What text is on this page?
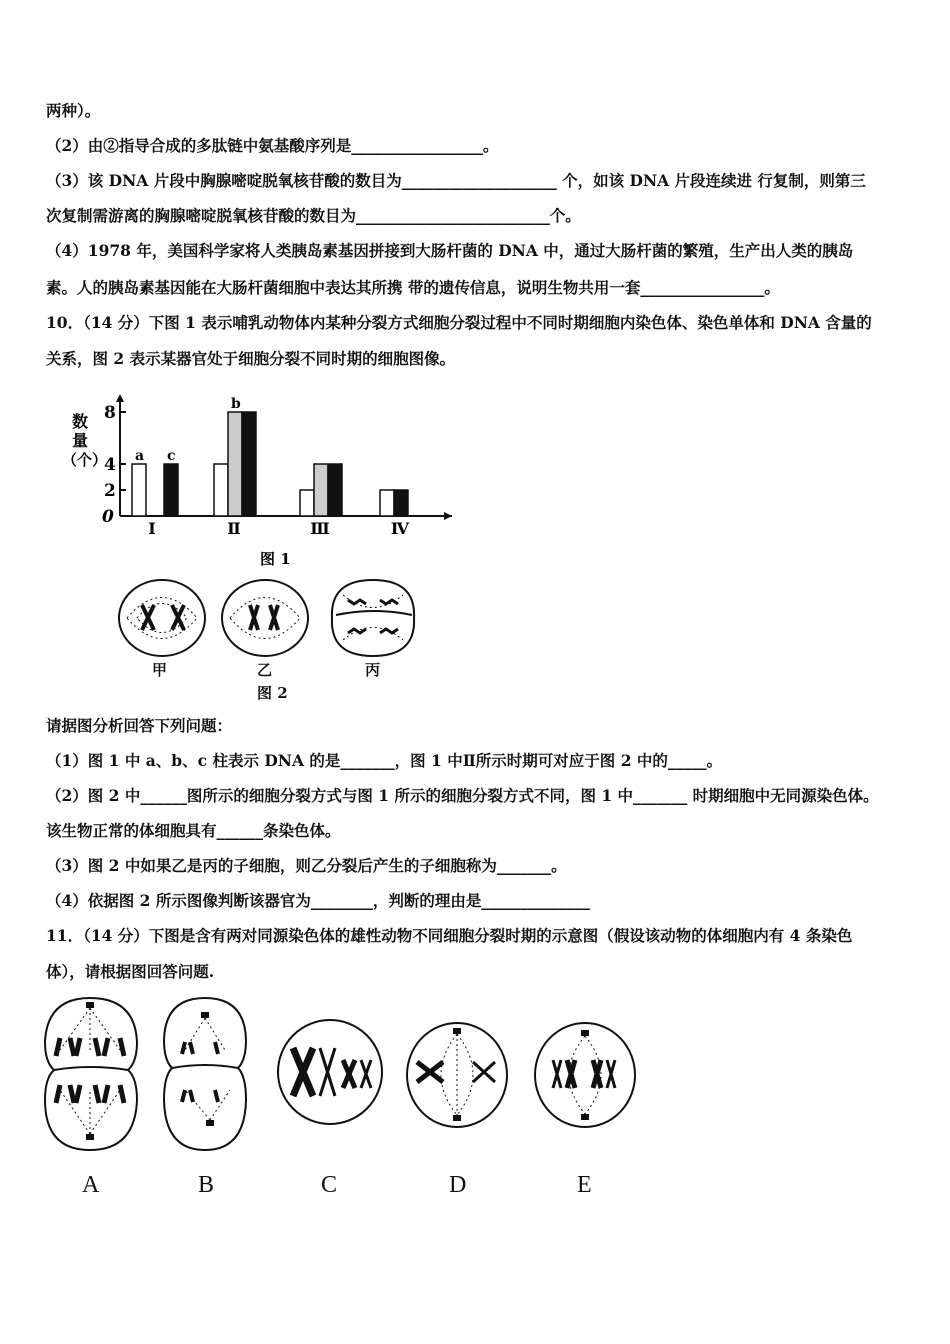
两种）。
（2）由②指导合成的多肽链中氨基酸序列是_________________。
（3）该 DNA 片段中胸腺嘧啶脱氧核苷酸的数目为____________________ 个，如该 DNA 片段连续进 行复制，则第三
次复制需游离的胸腺嘧啶脱氧核苷酸的数目为_________________________个。
（4）1978 年，美国科学家将人类胰岛素基因拼接到大肠杆菌的 DNA 中，通过大肠杆菌的繁殖，生产出人类的胰岛
素。人的胰岛素基因能在大肠杆菌细胞中表达其所携 带的遗传信息，说明生物共用一套________________。
10．（14 分）下图 1 表示哺乳动物体内某种分裂方式细胞分裂过程中不同时期细胞内染色体、染色单体和 DNA 含量的
关系，图 2 表示某器官处于细胞分裂不同时期的细胞图像。
数
量
（个）
0
2
4
8
a c
Ⅰ
b
Ⅱ	Ⅲ	Ⅳ
图 1
甲	乙	丙
图 2
请据图分析回答下列问题：
（1）图 1 中 a、b、c 柱表示 DNA 的是_______，图 1 中Ⅱ所示时期可对应于图 2 中的_____。
（2）图 2 中______图所示的细胞分裂方式与图 1 所示的细胞分裂方式不同，图 1 中_______ 时期细胞中无同源染色体。
该生物正常的体细胞具有______条染色体。
（3）图 2 中如果乙是丙的子细胞，则乙分裂后产生的子细胞称为_______。
（4）依据图 2 所示图像判断该器官为________，判断的理由是______________
11．（14 分）下图是含有两对同源染色体的雄性动物不同细胞分裂时期的示意图（假设该动物的体细胞内有 4 条染色
体），请根据图回答问题.
A	B	C	D	E
